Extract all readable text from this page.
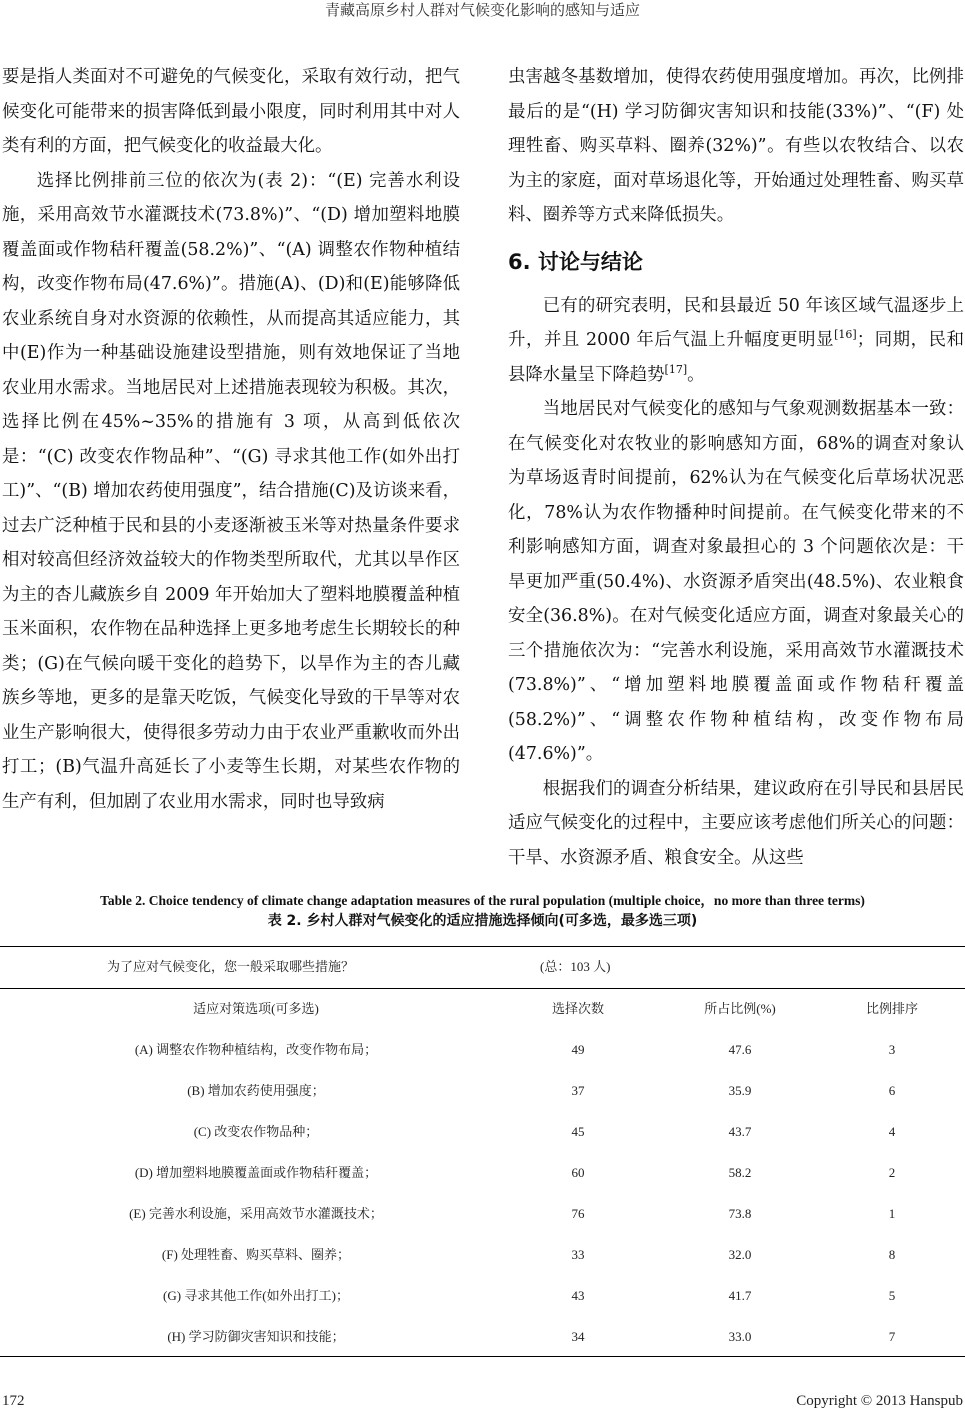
青藏高原乡村人群对气候变化影响的感知与适应

要是指人类面对不可避免的气候变化，采取有效行动，把气候变化可能带来的损害降低到最小限度，同时利用其中对人类有利的方面，把气候变化的收益最大化。

选择比例排前三位的依次为(表 2)：“(E) 完善水利设施，采用高效节水灌溉技术(73.8%)”、“(D) 增加塑料地膜覆盖面或作物秸秆覆盖(58.2%)”、“(A) 调整农作物种植结构，改变作物布局(47.6%)”。措施(A)、(D)和(E)能够降低农业系统自身对水资源的依赖性，从而提高其适应能力，其中(E)作为一种基础设施建设型措施，则有效地保证了当地农业用水需求。当地居民对上述措施表现较为积极。其次，选择比例在45%~35%的措施有 3 项，从高到低依次是：“(C) 改变农作物品种”、“(G) 寻求其他工作(如外出打工)”、“(B) 增加农药使用强度”，结合措施(C)及访谈来看，过去广泛种植于民和县的小麦逐渐被玉米等对热量条件要求相对较高但经济效益较大的作物类型所取代，尤其以旱作区为主的杏儿藏族乡自 2009 年开始加大了塑料地膜覆盖种植玉米面积，农作物在品种选择上更多地考虑生长期较长的种类；(G)在气候向暖干变化的趋势下，以旱作为主的杏儿藏族乡等地，更多的是靠天吃饭，气候变化导致的干旱等对农业生产影响很大，使得很多劳动力由于农业严重歉收而外出打工；(B)气温升高延长了小麦等生长期，对某些农作物的生产有利，但加剧了农业用水需求，同时也导致病

虫害越冬基数增加，使得农药使用强度增加。再次，比例排最后的是“(H) 学习防御灾害知识和技能(33%)”、“(F) 处理牲畜、购买草料、圈养(32%)”。有些以农牧结合、以农为主的家庭，面对草场退化等，开始通过处理牲畜、购买草料、圈养等方式来降低损失。

6. 讨论与结论

已有的研究表明，民和县最近 50 年该区域气温逐步上升，并且 2000 年后气温上升幅度更明显[16]；同期，民和县降水量呈下降趋势[17]。

当地居民对气候变化的感知与气象观测数据基本一致：在气候变化对农牧业的影响感知方面，68%的调查对象认为草场返青时间提前，62%认为在气候变化后草场状况恶化，78%认为农作物播种时间提前。在气候变化带来的不利影响感知方面，调查对象最担心的 3 个问题依次是：干旱更加严重(50.4%)、水资源矛盾突出(48.5%)、农业粮食安全(36.8%)。在对气候变化适应方面，调查对象最关心的三个措施依次为：“完善水利设施，采用高效节水灌溉技术(73.8%)”、“增加塑料地膜覆盖面或作物秸秆覆盖(58.2%)”、“调整农作物种植结构，改变作物布局(47.6%)”。

根据我们的调查分析结果，建议政府在引导民和县居民适应气候变化的过程中，主要应该考虑他们所关心的问题：干旱、水资源矛盾、粮食安全。从这些

Table 2. Choice tendency of climate change adaptation measures of the rural population (multiple choice，no more than three terms)
表 2. 乡村人群对气候变化的适应措施选择倾向(可多选，最多选三项)
为了应对气候变化，您一般采取哪些措施？	(总：103 人)
适应对策选项(可多选)	选择次数	所占比例(%)	比例排序
(A) 调整农作物种植结构，改变作物布局；	49	47.6	3
(B) 增加农药使用强度；	37	35.9	6
(C) 改变农作物品种；	45	43.7	4
(D) 增加塑料地膜覆盖面或作物秸秆覆盖；	60	58.2	2
(E) 完善水利设施，采用高效节水灌溉技术；	76	73.8	1
(F) 处理牲畜、购买草料、圈养；	33	32.0	8
(G) 寻求其他工作(如外出打工)；	43	41.7	5
(H) 学习防御灾害知识和技能；	34	33.0	7
172	Copyright © 2013 Hanspub
